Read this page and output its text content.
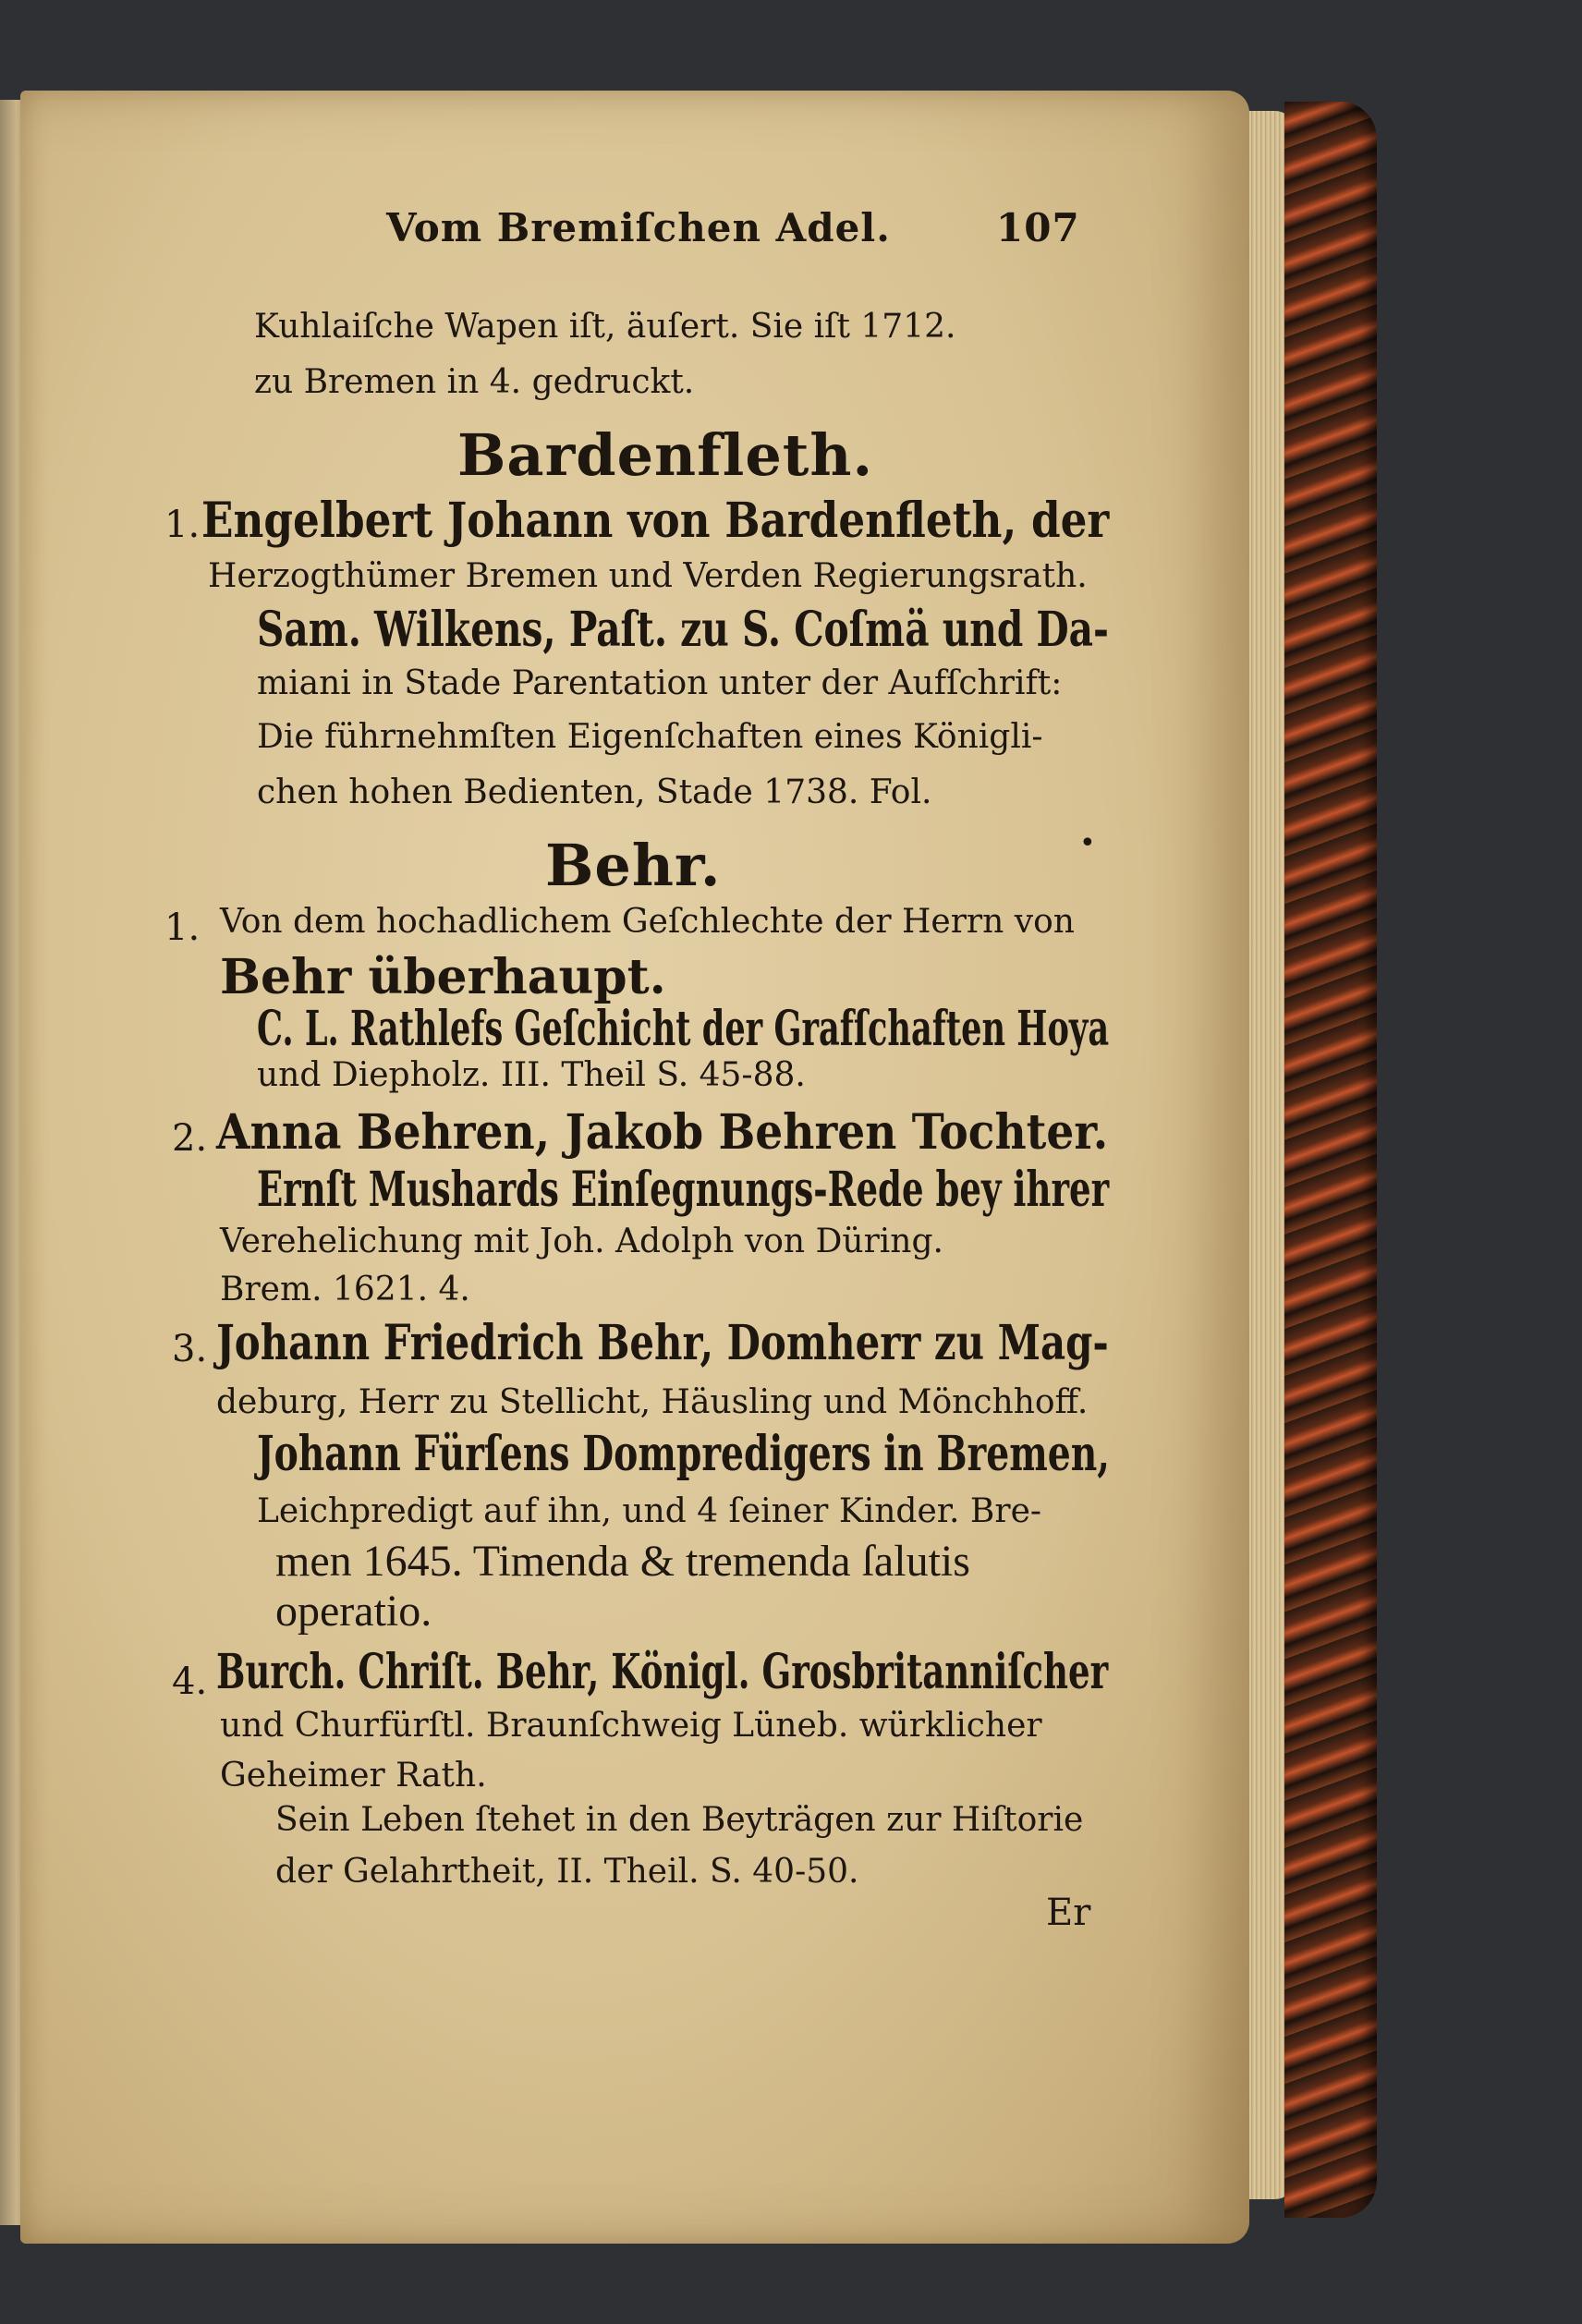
Vom Bremiſchen Adel.	107
Kuhlaiſche Wapen iſt, äuſert. Sie iſt 1712.
zu Bremen in 4. gedruckt.
Bardenfleth.
1. Engelbert Johann von Bardenfleth, der
Herzogthümer Bremen und Verden Regierungsrath.
Sam. Wilkens, Paſt. zu S. Coſmä und Da-
miani in Stade Parentation unter der Aufſchrift:
Die führnehmſten Eigenſchaften eines Königli-
chen hohen Bedienten, Stade 1738. Fol.
Behr.	•
1. Von dem hochadlichem Geſchlechte der Herrn von
Behr überhaupt.
C. L. Rathlefs Geſchicht der Grafſchaften Hoya
und Diepholz. III. Theil S. 45-88.
2. Anna Behren, Jakob Behren Tochter.
Ernſt Mushards Einſegnungs-Rede bey ihrer
Verehelichung mit Joh. Adolph von Düring.
Brem. 1621. 4.
3. Johann Friedrich Behr, Domherr zu Mag-
deburg, Herr zu Stellicht, Häusling und Mönchhoff.
Johann Fürſens Dompredigers in Bremen,
Leichpredigt auf ihn, und 4 ſeiner Kinder. Bre-
men 1645. Timenda & tremenda ſalutis
operatio.
4. Burch. Chriſt. Behr, Königl. Grosbritanniſcher
und Churfürſtl. Braunſchweig Lüneb. würklicher
Geheimer Rath.
Sein Leben ſtehet in den Beyträgen zur Hiſtorie
der Gelahrtheit, II. Theil. S. 40-50.
Er
